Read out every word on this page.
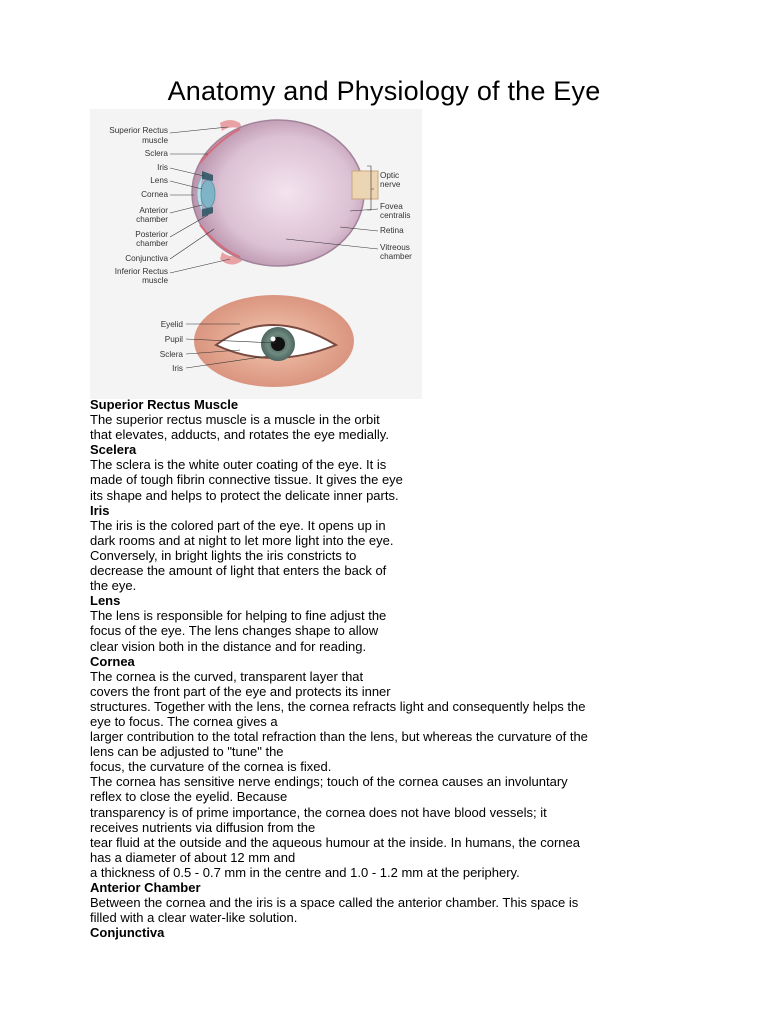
Anatomy and Physiology of the Eye
Superior Rectus
muscle
Sclera
Iris
Lens
Cornea
Anterior
chamber
Posterior
chamber
Conjunctiva
Inferior Rectus
muscle
Optic
nerve
Fovea
centralis
Retina
Vitreous
chamber
Eyelid
Pupil
Sclera
Iris
Superior Rectus Muscle
The superior rectus muscle is a muscle in the orbit
that elevates, adducts, and rotates the eye medially.
Scelera
The sclera is the white outer coating of the eye. It is
made of tough fibrin connective tissue. It gives the eye
its shape and helps to protect the delicate inner parts.
Iris
The iris is the colored part of the eye. It opens up in
dark rooms and at night to let more light into the eye.
Conversely, in bright lights the iris constricts to
decrease the amount of light that enters the back of
the eye.
Lens
The lens is responsible for helping to fine adjust the
focus of the eye. The lens changes shape to allow
clear vision both in the distance and for reading.
Cornea
The cornea is the curved, transparent layer that
covers the front part of the eye and protects its inner
structures. Together with the lens, the cornea refracts light and consequently helps the
eye to focus. The cornea gives a
larger contribution to the total refraction than the lens, but whereas the curvature of the
lens can be adjusted to "tune" the
focus, the curvature of the cornea is fixed.
The cornea has sensitive nerve endings; touch of the cornea causes an involuntary
reflex to close the eyelid. Because
transparency is of prime importance, the cornea does not have blood vessels; it
receives nutrients via diffusion from the
tear fluid at the outside and the aqueous humour at the inside. In humans, the cornea
has a diameter of about 12 mm and
a thickness of 0.5 - 0.7 mm in the centre and 1.0 - 1.2 mm at the periphery.
Anterior Chamber
Between the cornea and the iris is a space called the anterior chamber. This space is
filled with a clear water-like solution.
Conjunctiva
